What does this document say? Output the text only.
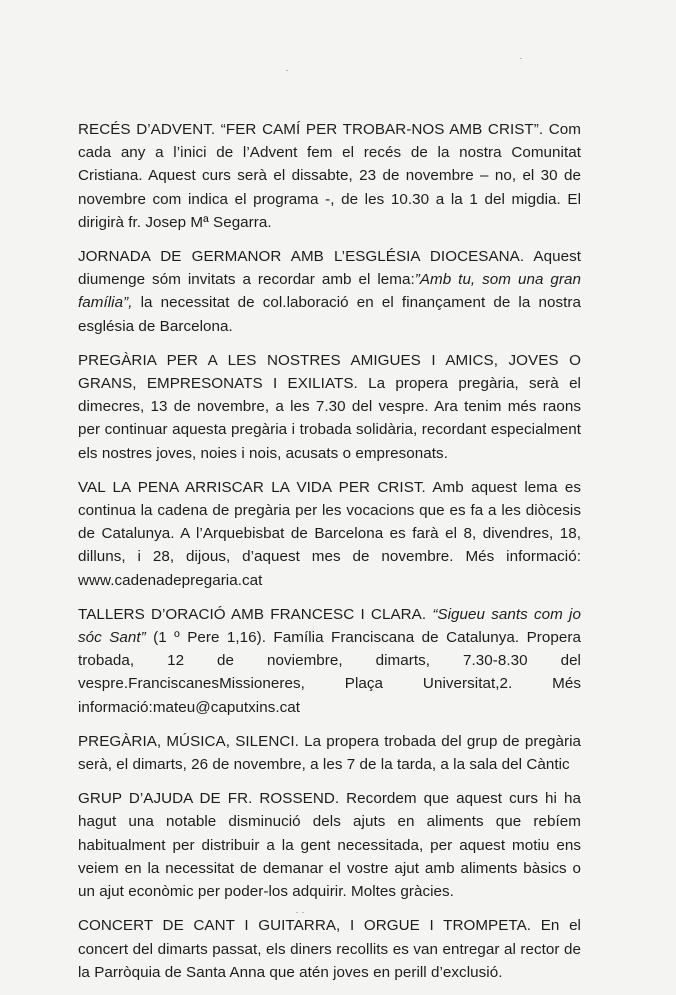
RECÉS D’ADVENT. “FER CAMÍ PER TROBAR-NOS AMB CRIST”. Com cada any a l’inici de l’Advent fem el recés de la nostra Comunitat Cristiana. Aquest curs serà el dissabte, 23 de novembre – no, el 30 de novembre com indica el programa -, de les 10.30 a la 1 del migdia. El dirigirà fr. Josep Mª Segarra.

JORNADA DE GERMANOR AMB L’ESGLÉSIA DIOCESANA. Aquest diumenge sóm invitats a recordar amb el lema:”Amb tu, som una gran família”, la necessitat de col.laboració en el finançament de la nostra església de Barcelona.

PREGÀRIA PER A LES NOSTRES AMIGUES I AMICS, JOVES O GRANS, EMPRESONATS I EXILIATS. La propera pregària, serà el dimecres, 13 de novembre, a les 7.30 del vespre. Ara tenim més raons per continuar aquesta pregària i trobada solidària, recordant especialment els nostres joves, noies i nois, acusats o empresonats.

VAL LA PENA ARRISCAR LA VIDA PER CRIST. Amb aquest lema es continua la cadena de pregària per les vocacions que es fa a les diòcesis de Catalunya. A l’Arquebisbat de Barcelona es farà el 8, divendres, 18, dilluns, i 28, dijous, d’aquest mes de novembre. Més informació: www.cadenadepregaria.cat

TALLERS D’ORACIÓ AMB FRANCESC I CLARA. “Sigueu sants com jo sóc Sant” (1 º Pere 1,16). Família Franciscana de Catalunya. Propera trobada, 12 de noviembre, dimarts, 7.30-8.30 del vespre.FranciscanesMissioneres, Plaça Universitat,2. Més informació:mateu@caputxins.cat

PREGÀRIA, MÚSICA, SILENCI. La propera trobada del grup de pregària serà, el dimarts, 26 de novembre, a les 7 de la tarda, a la sala del Càntic

GRUP D’AJUDA DE FR. ROSSEND. Recordem que aquest curs hi ha hagut una notable disminució dels ajuts en aliments que rebíem habitualment per distribuir a la gent necessitada, per aquest motiu ens veiem en la necessitat de demanar el vostre ajut amb aliments bàsics o un ajut econòmic per poder-los adquirir. Moltes gràcies.

CONCERT DE CANT I GUITARRA, I ORGUE I TROMPETA. En el concert del dimarts passat, els diners recollits es van entregar al rector de la Parròquia de Santa Anna que atén joves en perill d’exclusió.
